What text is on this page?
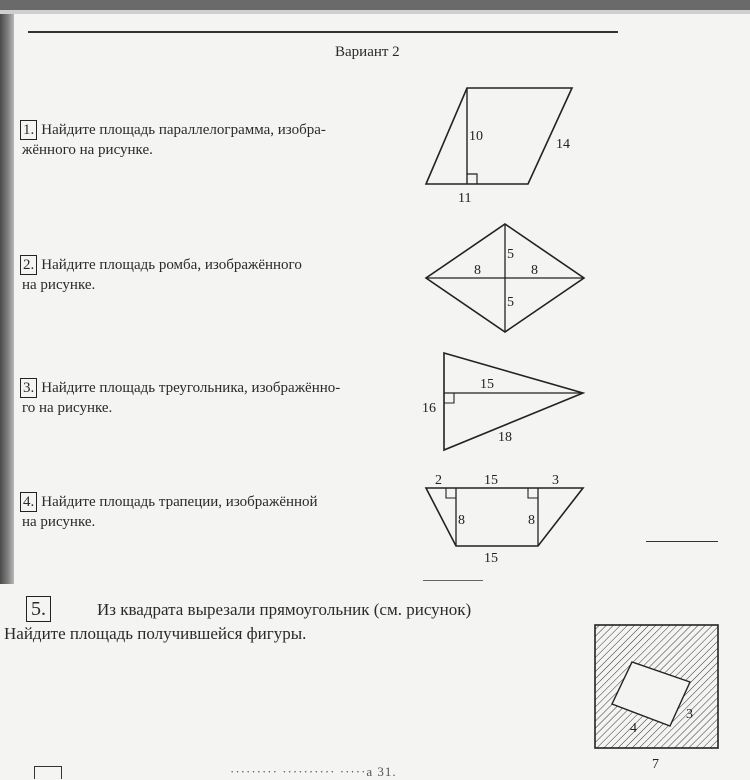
Вариант 2
1. Найдите площадь параллелограмма, изобра-
жённого на рисунке.
2. Найдите площадь ромба, изображённого
на рисунке.
3. Найдите площадь треугольника, изображённо-
го на рисунке.
4. Найдите площадь трапеции, изображённой
на рисунке.
5.	Из квадрата вырезали прямоугольник (см. рисунок)
Найдите площадь получившейся фигуры.
10
14
11
5
8	8
5
15
16
18
2	15	3
8	8
15
4
3
7
········· ·········· ·····а 31.
